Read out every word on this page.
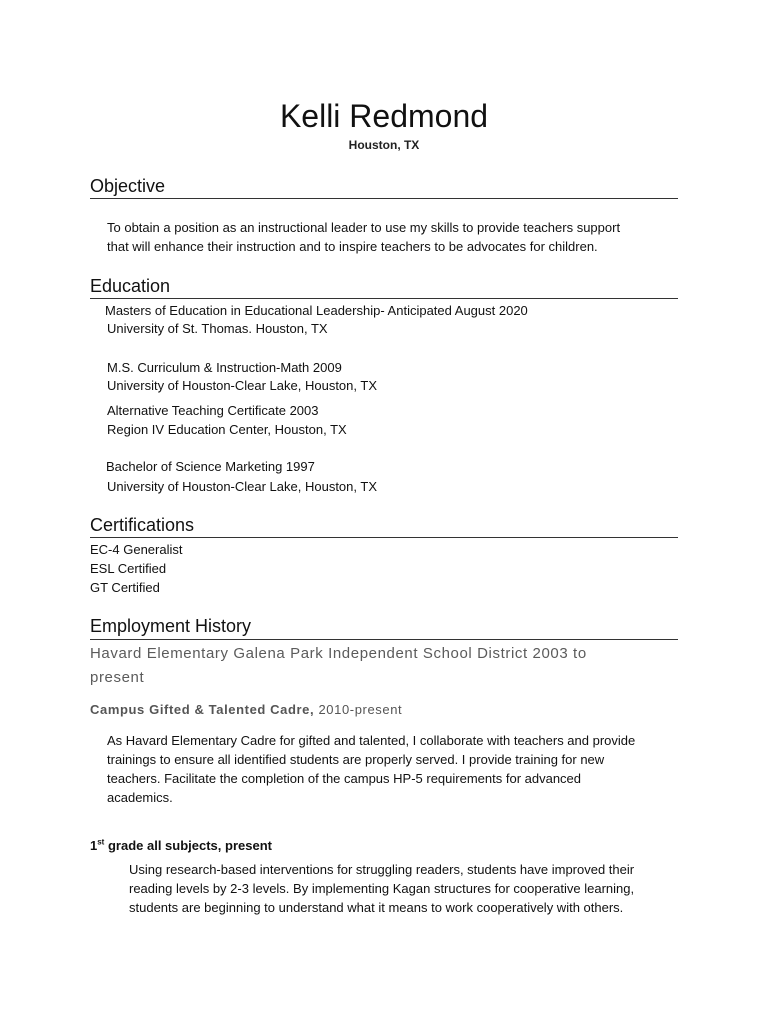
Kelli Redmond
Houston, TX
Objective
To obtain a position as an instructional leader to use my skills to provide teachers support
that will enhance their instruction and to inspire teachers to be advocates for children.
Education
Masters of Education in Educational Leadership- Anticipated August 2020
University of St. Thomas. Houston, TX
M.S. Curriculum & Instruction-Math 2009
University of Houston-Clear Lake, Houston, TX
Alternative Teaching Certificate 2003
Region IV Education Center, Houston, TX
Bachelor of Science Marketing 1997
University of Houston-Clear Lake, Houston, TX
Certifications
EC-4 Generalist
ESL Certified
GT Certified
Employment History
Havard Elementary Galena Park Independent School District 2003 to
present
Campus Gifted & Talented Cadre, 2010-present
As Havard Elementary Cadre for gifted and talented, I collaborate with teachers and provide
trainings to ensure all identified students are properly served. I provide training for new
teachers. Facilitate the completion of the campus HP-5 requirements for advanced
academics.
1st grade all subjects, present
Using research-based interventions for struggling readers, students have improved their
reading levels by 2-3 levels. By implementing Kagan structures for cooperative learning,
students are beginning to understand what it means to work cooperatively with others.
